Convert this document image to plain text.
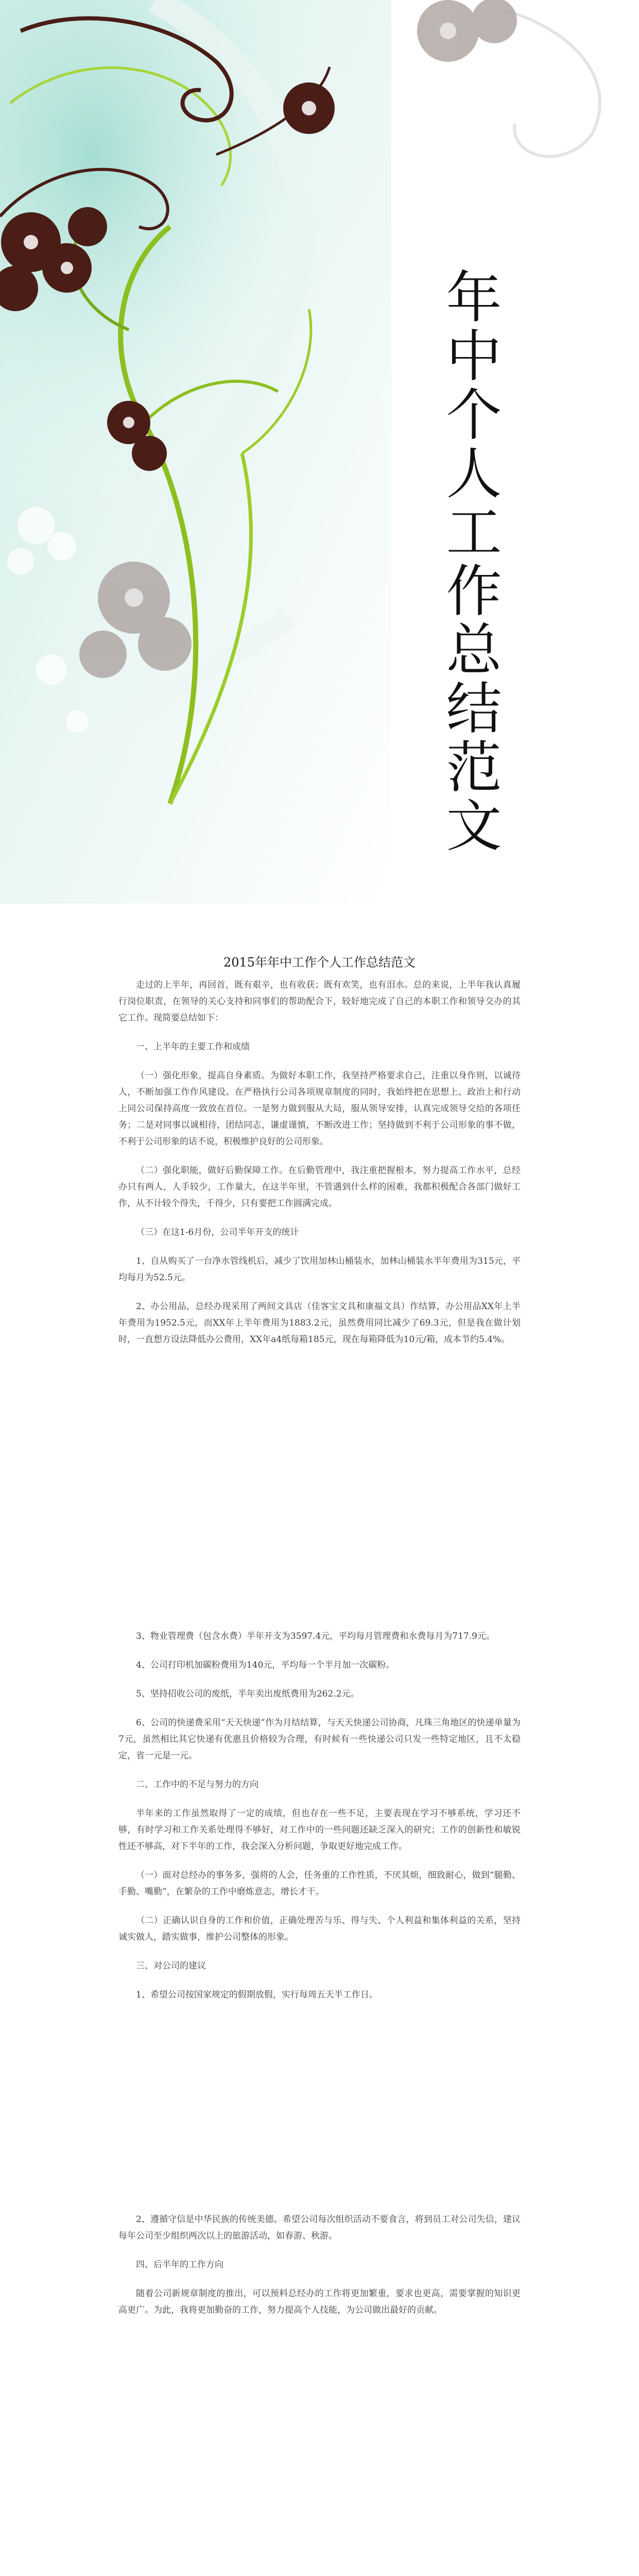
年中个人工作总结范文
2015年年中工作个人工作总结范文

走过的上半年，再回首，既有艰辛，也有收获；既有欢笑，也有泪水。总的来说，上半年我认真履行岗位职责，在领导的关心支持和同事们的帮助配合下，较好地完成了自己的本职工作和领导交办的其它工作。现简要总结如下：

一、上半年的主要工作和成绩

（一）强化形象，提高自身素质。为做好本职工作，我坚持严格要求自己，注重以身作则，以诚待人，不断加强工作作风建设。在严格执行公司各项规章制度的同时，我始终把在思想上、政治上和行动上同公司保持高度一致放在首位。一是努力做到服从大局，服从领导安排，认真完成领导交给的各项任务；二是对同事以诚相待，团结同志，谦虚谨慎，不断改进工作；坚持做到不利于公司形象的事不做，不利于公司形象的话不说，积极维护良好的公司形象。

（二）强化职能，做好后勤保障工作。在后勤管理中，我注重把握根本，努力提高工作水平，总经办只有两人，人手较少，工作量大，在这半年里，不管遇到什么样的困难，我都积极配合各部门做好工作，从不计较个得失，千得少，只有要把工作圆满完成。

（三）在这1-6月份，公司半年开支的统计

1、自从购买了一台净水管线机后，减少了饮用加林山桶装水，加林山桶装水半年费用为315元，平均每月为52.5元。

2、办公用品，总经办现采用了两间文具店（佳客宝文具和康福文具）作结算，办公用品XX年上半年费用为1952.5元，而XX年上半年费用为1883.2元，虽然费用同比减少了69.3元，但是我在做计划时，一直想方设法降低办公费用，XX年a4纸每箱185元，现在每箱降低为10元/箱，成本节约5.4%。

3、物业管理费（包含水费）半年开支为3597.4元，平均每月管理费和水费每月为717.9元。

4、公司打印机加碳粉费用为140元，平均每一个半月加一次碳粉。

5、坚持招收公司的废纸，半年卖出废纸费用为262.2元。

6、公司的快递费采用“天天快递”作为月结结算，与天天快递公司协商，凡珠三角地区的快递单量为7元，虽然相比其它快递有优惠且价格较为合理，有时候有一些快递公司只发一些特定地区，且不太稳定，省一元是一元。

二、工作中的不足与努力的方向

半年来的工作虽然取得了一定的成绩，但也存在一些不足，主要表现在学习不够系统，学习还不够，有时学习和工作关系处理得不够好，对工作中的一些问题还缺乏深入的研究；工作的创新性和敏锐性还不够高，对下半年的工作，我会深入分析问题，争取更好地完成工作。

（一）面对总经办的事务多，强将的人会，任务重的工作性质，不厌其烦，细致耐心，做到“腿勤、手勤、嘴勤”，在繁杂的工作中磨炼意志，增长才干。

（二）正确认识自身的工作和价值，正确处理苦与乐、得与失、个人利益和集体利益的关系，坚持诚实做人，踏实做事，维护公司整体的形象。

三、对公司的建议

1、希望公司按国家规定的假期放假，实行每周五天半工作日。

2、遵循守信是中华民族的传统美德。希望公司每次组织活动不要食言，将到员工对公司失信，建议每年公司至少组织两次以上的旅游活动，如春游、秋游。

四、后半年的工作方向

随着公司新规章制度的推出，可以预料总经办的工作将更加繁重，要求也更高，需要掌握的知识更高更广。为此，我将更加勤奋的工作，努力提高个人技能，为公司做出最好的贡献。
